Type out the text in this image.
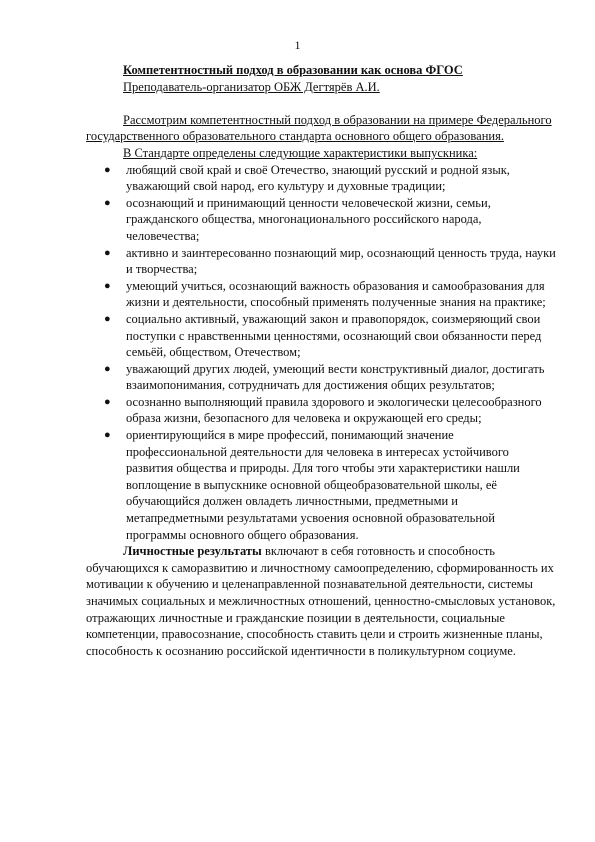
1
Компетентностный подход в образовании как основа ФГОС
Преподаватель-организатор ОБЖ Дегтярёв А.И.
Рассмотрим компетентностный подход в образовании на примере Федерального государственного образовательного стандарта основного общего образования.
В Стандарте определены следующие характеристики выпускника:
● любящий свой край и своё Отечество, знающий русский и родной язык, уважающий свой народ, его культуру и духовные традиции;
● осознающий и принимающий ценности человеческой жизни, семьи, гражданского общества, многонационального российского народа, человечества;
● активно и заинтересованно познающий мир, осознающий ценность труда, науки и творчества;
● умеющий учиться, осознающий важность образования и самообразования для жизни и деятельности, способный применять полученные знания на практике;
● социально активный, уважающий закон и правопорядок, соизмеряющий свои поступки с нравственными ценностями, осознающий свои обязанности перед семьёй, обществом, Отечеством;
● уважающий других людей, умеющий вести конструктивный диалог, достигать взаимопонимания, сотрудничать для достижения общих результатов;
● осознанно выполняющий правила здорового и экологически целесообразного образа жизни, безопасного для человека и окружающей его среды;
● ориентирующийся в мире профессий, понимающий значение профессиональной деятельности для человека в интересах устойчивого развития общества и природы. Для того чтобы эти характеристики нашли воплощение в выпускнике основной общеобразовательной школы, её обучающийся должен овладеть личностными, предметными и метапредметными результатами усвоения основной образовательной программы основного общего образования.
Личностные результаты включают в себя готовность и способность обучающихся к саморазвитию и личностному самоопределению, сформированность их мотивации к обучению и целенаправленной познавательной деятельности, системы значимых социальных и межличностных отношений, ценностно-смысловых установок, отражающих личностные и гражданские позиции в деятельности, социальные компетенции, правосознание, способность ставить цели и строить жизненные планы, способность к осознанию российской идентичности в поликультурном социуме.
